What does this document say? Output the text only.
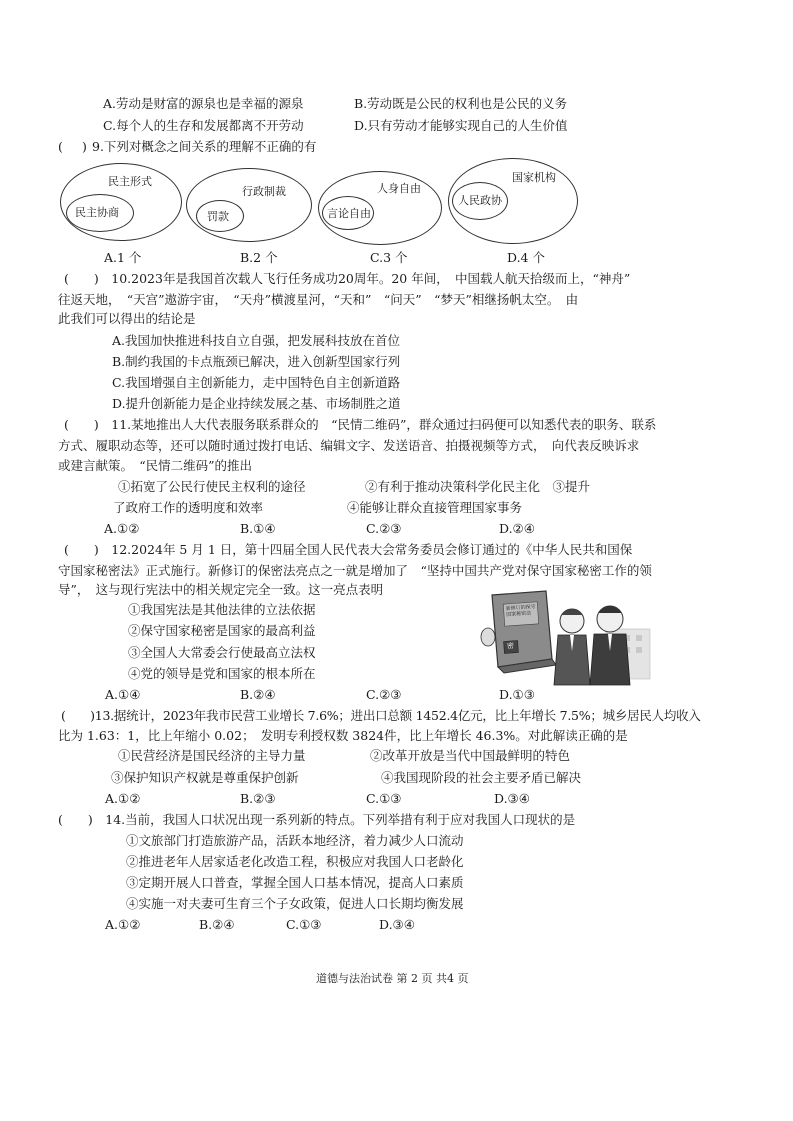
A.劳动是财富的源泉也是幸福的源泉	B.劳动既是公民的权利也是公民的义务
C.每个人的生存和发展都离不开劳动	D.只有劳动才能够实现自己的人生价值
( ) 9.下列对概念之间关系的理解不正确的有
民主形式
民主协商
行政制裁
罚款
人身自由
言论自由
国家机构
人民政协
A.1 个	B.2 个	C.3 个	D.4 个
(　　)　10.2023年是我国首次载人飞行任务成功20周年。20 年间，　中国载人航天拾级而上，“神舟”
往返天地，　“天宫”遨游宇宙，　“天舟”横渡星河，“天和”　“问天”　“梦天”相继扬帆太空。　由
此我们可以得出的结论是
A.我国加快推进科技自立自强，把发展科技放在首位
B.制约我国的卡点瓶颈已解决，进入创新型国家行列
C.我国增强自主创新能力，走中国特色自主创新道路
D.提升创新能力是企业持续发展之基、市场制胜之道
(　　)　11.某地推出人大代表服务联系群众的　“民情二维码”，群众通过扫码便可以知悉代表的职务、联系
方式、履职动态等，还可以随时通过拨打电话、编辑文字、发送语音、拍摄视频等方式，　向代表反映诉求
或建言献策。　“民情二维码”的推出
①拓宽了公民行使民主权利的途径	②有利于推动决策科学化民主化　③提升
了政府工作的透明度和效率	④能够让群众直接管理国家事务
A.①②	B.①④	C.②③	D.②④
(　　)　12.2024年 5 月 1 日，第十四届全国人民代表大会常务委员会修订通过的《中华人民共和国保
守国家秘密法》正式施行。新修订的保密法亮点之一就是增加了　“坚持中国共产党对保守国家秘密工作的领
导”，　这与现行宪法中的相关规定完全一致。这一亮点表明
①我国宪法是其他法律的立法依据
②保守国家秘密是国家的最高利益
③全国人大常委会行使最高立法权
④党的领导是党和国家的根本所在
新修订的保守国家秘密法
密
A.①④	B.②④	C.②③	D.①③
(　　)13.据统计，2023年我市民营工业增长 7.6%；进出口总额 1452.4亿元，比上年增长 7.5%；城乡居民人均收入
比为 1.63：1，比上年缩小 0.02；　发明专利授权数 3824件，比上年增长 46.3%。对此解读正确的是
①民营经济是国民经济的主导力量	②改革开放是当代中国最鲜明的特色
③保护知识产权就是尊重保护创新	④我国现阶段的社会主要矛盾已解决
A.①②	B.②③	C.①③	D.③④
(　　)　14.当前，我国人口状况出现一系列新的特点。下列举措有利于应对我国人口现状的是
①文旅部门打造旅游产品，活跃本地经济，着力减少人口流动
②推进老年人居家适老化改造工程，积极应对我国人口老龄化
③定期开展人口普查，掌握全国人口基本情况，提高人口素质
④实施一对夫妻可生育三个子女政策，促进人口长期均衡发展
A.①②	B.②④	C.①③	D.③④
道德与法治试卷 第 2 页 共4 页
